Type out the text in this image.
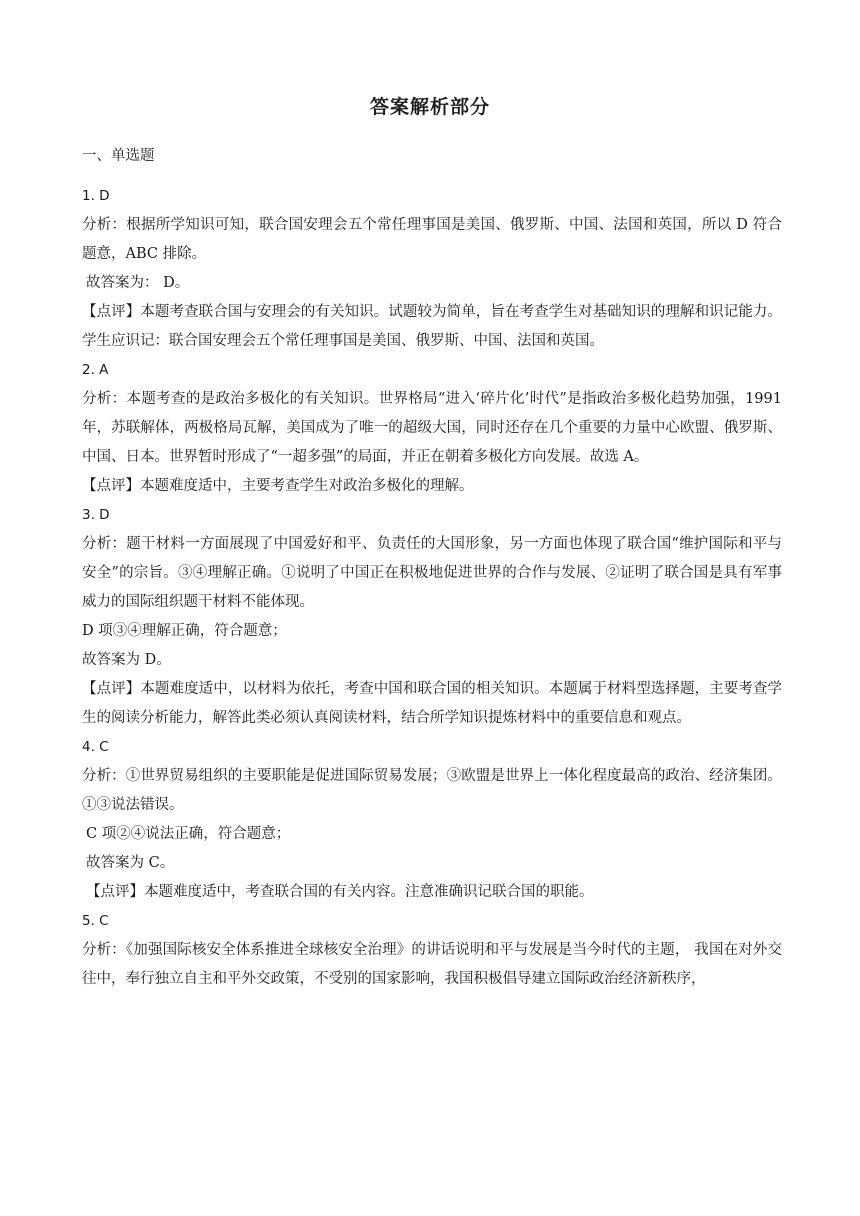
答案解析部分
一、单选题

1. D

分析：根据所学知识可知，联合国安理会五个常任理事国是美国、俄罗斯、中国、法国和英国，所以 D 符合题意，ABC 排除。

故答案为： D。

【点评】本题考查联合国与安理会的有关知识。试题较为简单，旨在考查学生对基础知识的理解和识记能力。学生应识记：联合国安理会五个常任理事国是美国、俄罗斯、中国、法国和英国。

2. A

分析：本题考查的是政治多极化的有关知识。世界格局“进入‘碎片化’时代”是指政治多极化趋势加强，1991年，苏联解体，两极格局瓦解，美国成为了唯一的超级大国，同时还存在几个重要的力量中心欧盟、俄罗斯、中国、日本。世界暂时形成了“一超多强”的局面，并正在朝着多极化方向发展。故选 A。

【点评】本题难度适中，主要考查学生对政治多极化的理解。

3. D

分析：题干材料一方面展现了中国爱好和平、负责任的大国形象，另一方面也体现了联合国“维护国际和平与安全”的宗旨。③④理解正确。①说明了中国正在积极地促进世界的合作与发展、②证明了联合国是具有军事威力的国际组织题干材料不能体现。

D 项③④理解正确，符合题意；

故答案为 D。

【点评】本题难度适中，以材料为依托，考查中国和联合国的相关知识。本题属于材料型选择题，主要考查学生的阅读分析能力，解答此类必须认真阅读材料，结合所学知识提炼材料中的重要信息和观点。

4. C

分析：①世界贸易组织的主要职能是促进国际贸易发展；③欧盟是世界上一体化程度最高的政治、经济集团。①③说法错误。

C 项②④说法正确，符合题意；

故答案为 C。

【点评】本题难度适中，考查联合国的有关内容。注意准确识记联合国的职能。

5. C

分析：《加强国际核安全体系推进全球核安全治理》的讲话说明和平与发展是当今时代的主题， 我国在对外交往中，奉行独立自主和平外交政策，不受别的国家影响，我国积极倡导建立国际政治经济新秩序，
